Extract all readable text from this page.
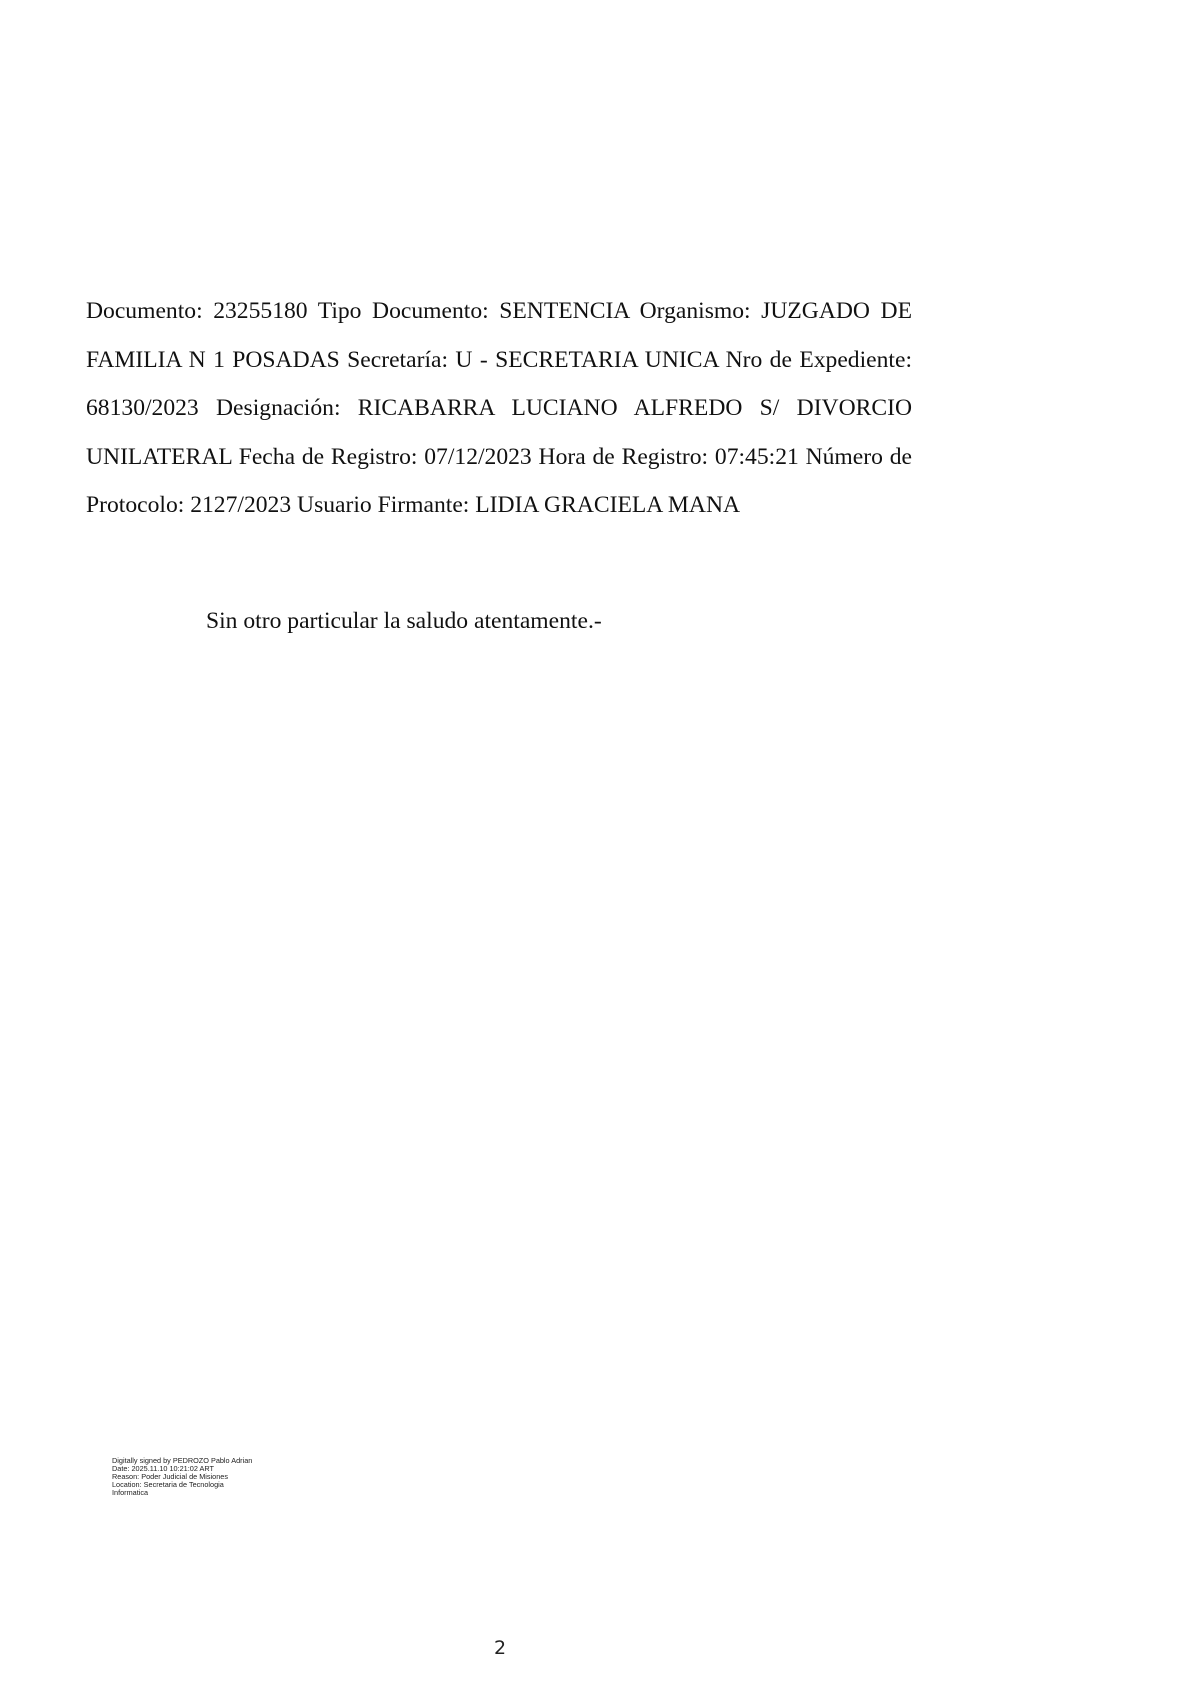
Documento: 23255180 Tipo Documento: SENTENCIA Organismo: JUZGADO DE FAMILIA N 1 POSADAS Secretaría: U - SECRETARIA UNICA Nro de Expediente: 68130/2023 Designación: RICABARRA LUCIANO ALFREDO S/ DIVORCIO UNILATERAL Fecha de Registro: 07/12/2023 Hora de Registro: 07:45:21 Número de Protocolo: 2127/2023 Usuario Firmante: LIDIA GRACIELA MANA

Sin otro particular la saludo atentamente.-

Digitally signed by PEDROZO Pablo Adrian
Date: 2025.11.10 10:21:02 ART
Reason: Poder Judicial de Misiones
Location: Secretaria de Tecnologia
Informatica
2
